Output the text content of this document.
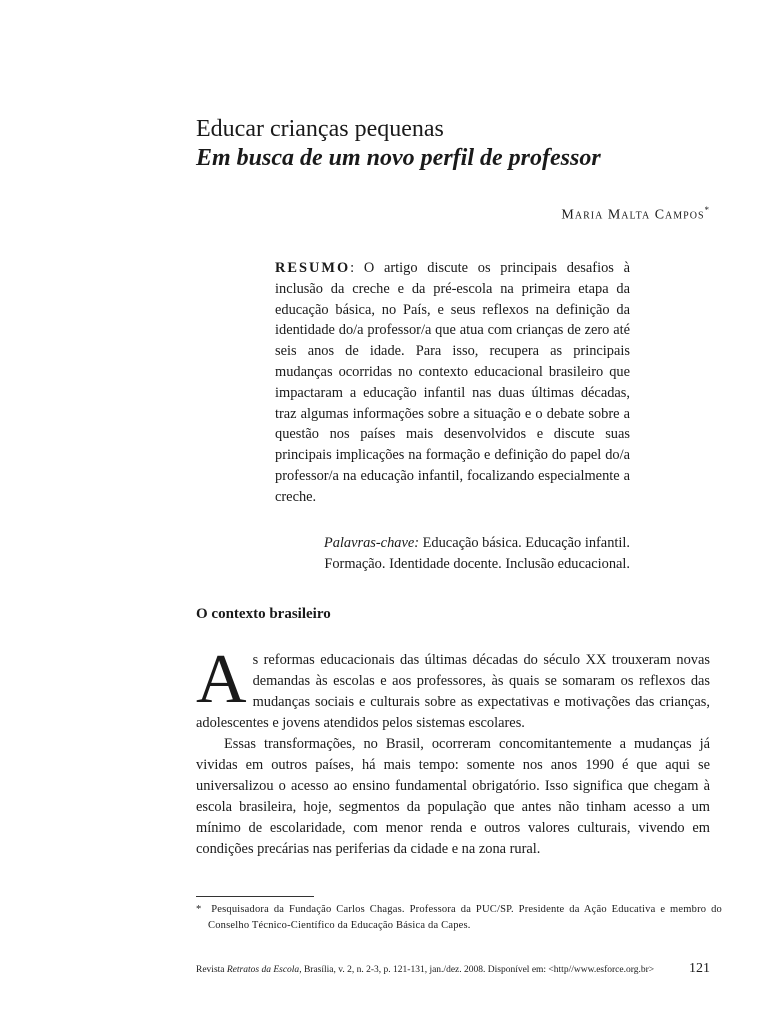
Educar crianças pequenas
Em busca de um novo perfil de professor
Maria Malta Campos*

RESUMO: O artigo discute os principais desafios à inclusão da creche e da pré-escola na primeira etapa da educação básica, no País, e seus reflexos na definição da identidade do/a professor/a que atua com crianças de zero até seis anos de idade. Para isso, recupera as principais mudanças ocorridas no contexto educacional brasileiro que impactaram a educação infantil nas duas últimas décadas, traz algumas informações sobre a situação e o debate sobre a questão nos países mais desenvolvidos e discute suas principais implicações na formação e definição do papel do/a professor/a na educação infantil, focalizando especialmente a creche.

Palavras-chave: Educação básica. Educação infantil. Formação. Identidade docente. Inclusão educacional.

O contexto brasileiro

As reformas educacionais das últimas décadas do século XX trouxeram novas demandas às escolas e aos professores, às quais se somaram os reflexos das mudanças sociais e culturais sobre as expectativas e motivações das crianças, adolescentes e jovens atendidos pelos sistemas escolares.

Essas transformações, no Brasil, ocorreram concomitantemente a mudanças já vividas em outros países, há mais tempo: somente nos anos 1990 é que aqui se universalizou o acesso ao ensino fundamental obrigatório. Isso significa que chegam à escola brasileira, hoje, segmentos da população que antes não tinham acesso a um mínimo de escolaridade, com menor renda e outros valores culturais, vivendo em condições precárias nas periferias da cidade e na zona rural.

* Pesquisadora da Fundação Carlos Chagas. Professora da PUC/SP. Presidente da Ação Educativa e membro do Conselho Técnico-Científico da Educação Básica da Capes.

Revista Retratos da Escola, Brasília, v. 2, n. 2-3, p. 121-131, jan./dez. 2008. Disponível em: <http//www.esforce.org.br> 121
